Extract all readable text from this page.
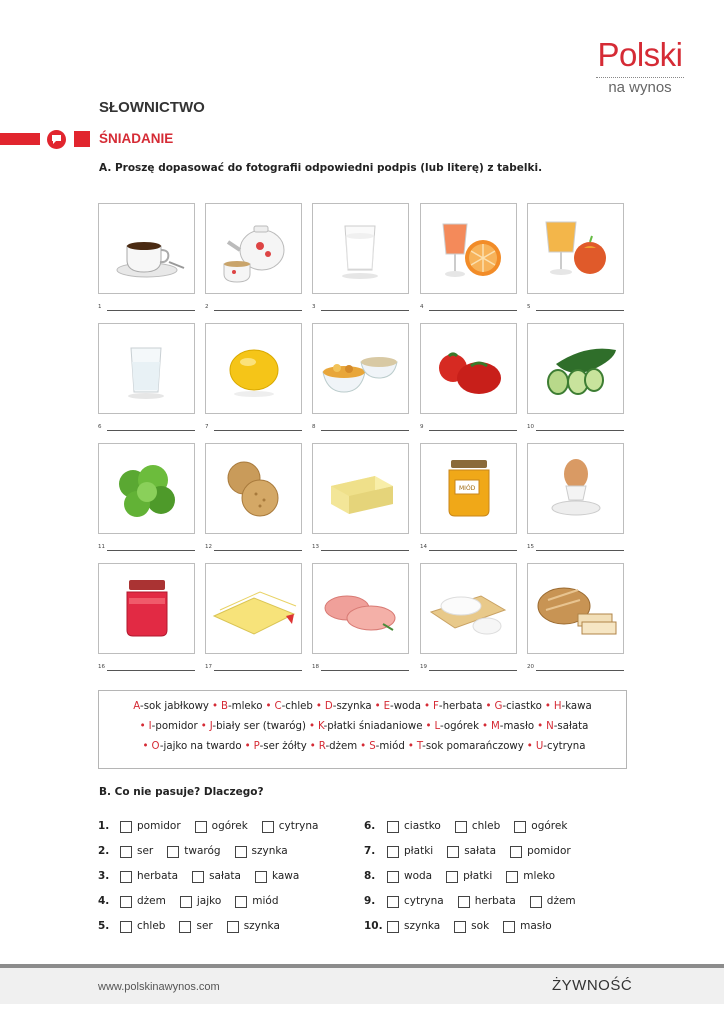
Polski
na wynos
SŁOWNICTWO
ŚNIADANIE
A. Proszę dopasować do fotografii odpowiedni podpis (lub literę) z tabelki.
1	2	3	4	5
6	7	8	9	10
11	12	13
MIÓD
14	15
16	17	18	19	20
A-sok jabłkowy • B-mleko • C-chleb • D-szynka • E-woda • F-herbata • G-ciastko • H-kawa
• I-pomidor • J-biały ser (twaróg) • K-płatki śniadaniowe • L-ogórek • M-masło • N-sałata
• O-jajko na twardo • P-ser żółty • R-dżem • S-miód • T-sok pomarańczowy • U-cytryna
B. Co nie pasuje? Dlaczego?
1.	pomidor	ogórek	cytryna
2.	ser	twaróg	szynka
3.	herbata	sałata	kawa
4.	dżem	jajko	miód
5.	chleb	ser	szynka
6.	ciastko	chleb	ogórek
7.	płatki	sałata	pomidor
8.	woda	płatki	mleko
9.	cytryna	herbata	dżem
10. szynka	sok	masło
www.polskinawynos.com	ŻYWNOŚĆ
